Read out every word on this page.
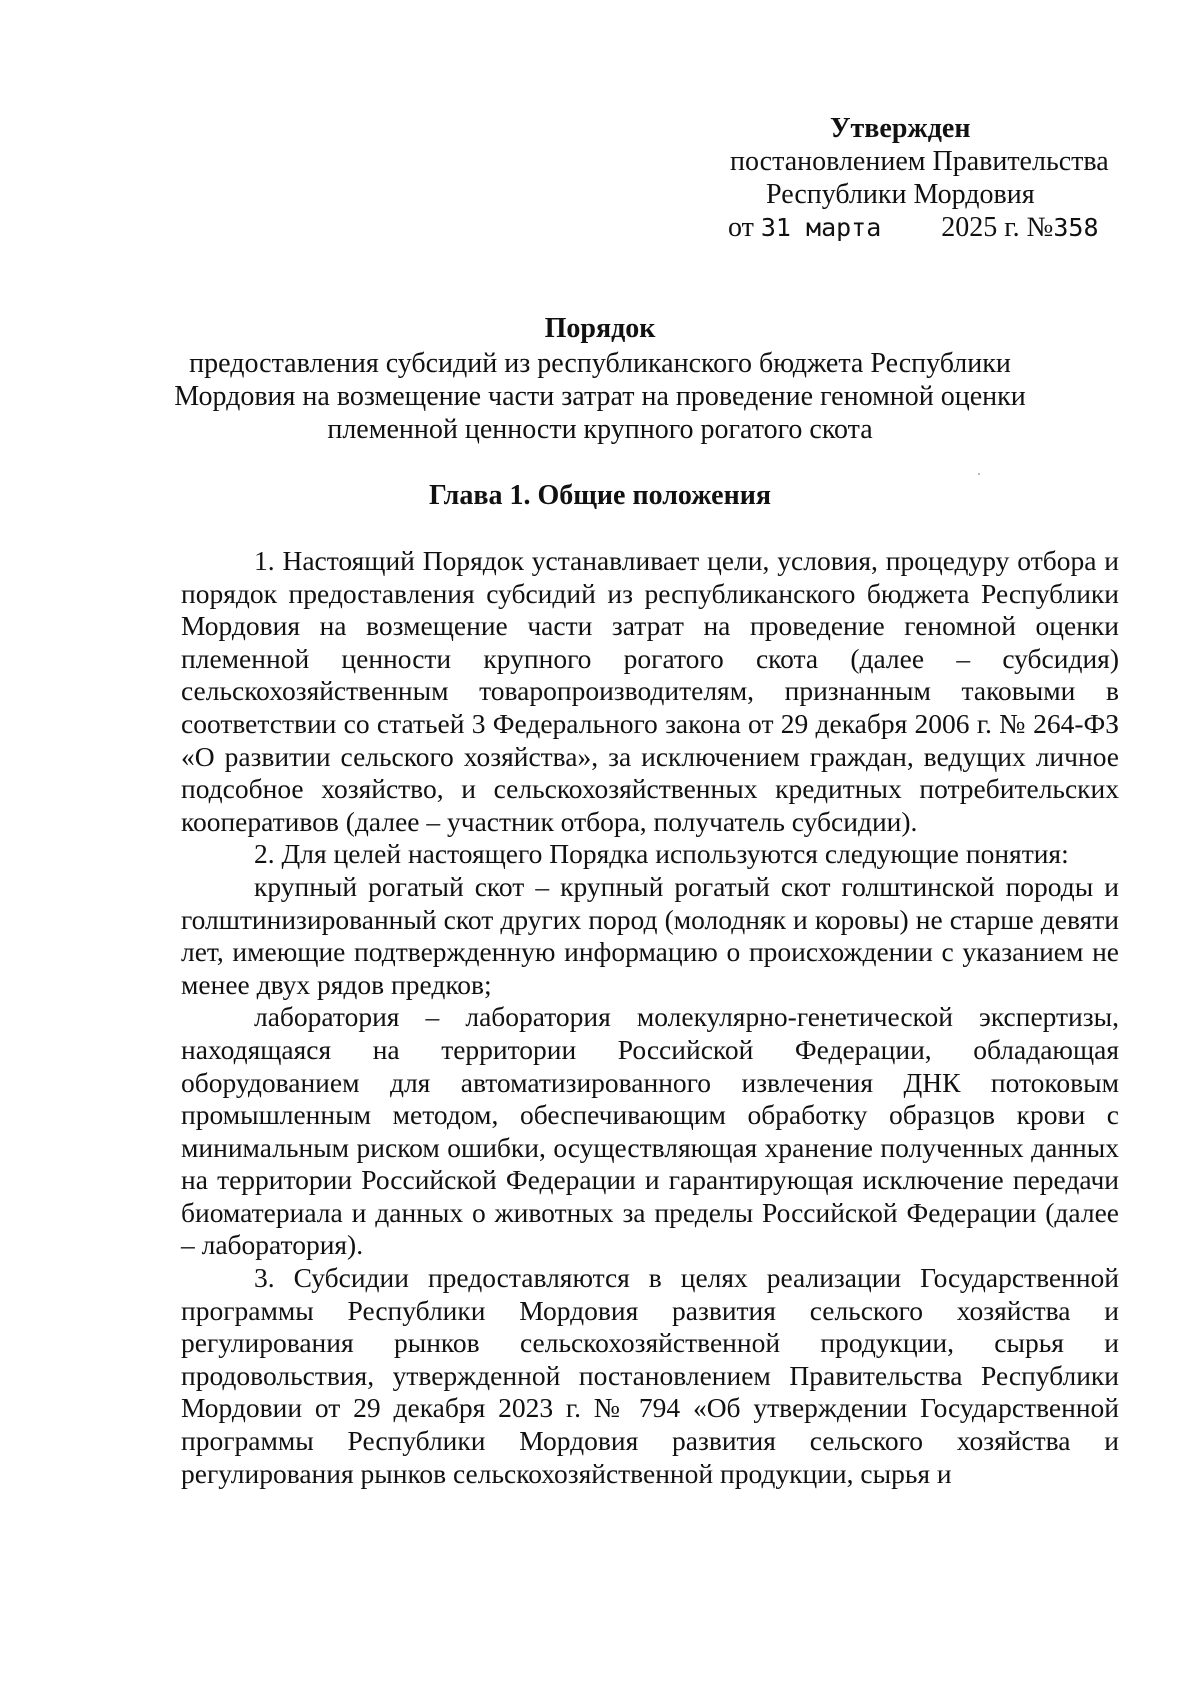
Утвержден
постановлением Правительства
Республики Мордовия
от 31 марта 2025 г. №358
Порядок
предоставления субсидий из республиканского бюджета Республики Мордовия на возмещение части затрат на проведение геномной оценки племенной ценности крупного рогатого скота
Глава 1. Общие положения

1. Настоящий Порядок устанавливает цели, условия, процедуру отбора и порядок предоставления субсидий из республиканского бюджета Республики Мордовия на возмещение части затрат на проведение геномной оценки племенной ценности крупного рогатого скота (далее – субсидия) сельскохозяйственным товаропроизводителям, признанным таковыми в соответствии со статьей 3 Федерального закона от 29 декабря 2006 г. № 264-ФЗ «О развитии сельского хозяйства», за исключением граждан, ведущих личное подсобное хозяйство, и сельскохозяйственных кредитных потребительских кооперативов (далее – участник отбора, получатель субсидии).

2. Для целей настоящего Порядка используются следующие понятия:

крупный рогатый скот – крупный рогатый скот голштинской породы и голштинизированный скот других пород (молодняк и коровы) не старше девяти лет, имеющие подтвержденную информацию о происхождении с указанием не менее двух рядов предков;

лаборатория – лаборатория молекулярно-генетической экспертизы, находящаяся на территории Российской Федерации, обладающая оборудованием для автоматизированного извлечения ДНК потоковым промышленным методом, обеспечивающим обработку образцов крови с минимальным риском ошибки, осуществляющая хранение полученных данных на территории Российской Федерации и гарантирующая исключение передачи биоматериала и данных о животных за пределы Российской Федерации (далее – лаборатория).

3. Субсидии предоставляются в целях реализации Государственной программы Республики Мордовия развития сельского хозяйства и регулирования рынков сельскохозяйственной продукции, сырья и продовольствия, утвержденной постановлением Правительства Республики Мордовии от 29 декабря 2023 г. № 794 «Об утверждении Государственной программы Республики Мордовия развития сельского хозяйства и регулирования рынков сельскохозяйственной продукции, сырья и
